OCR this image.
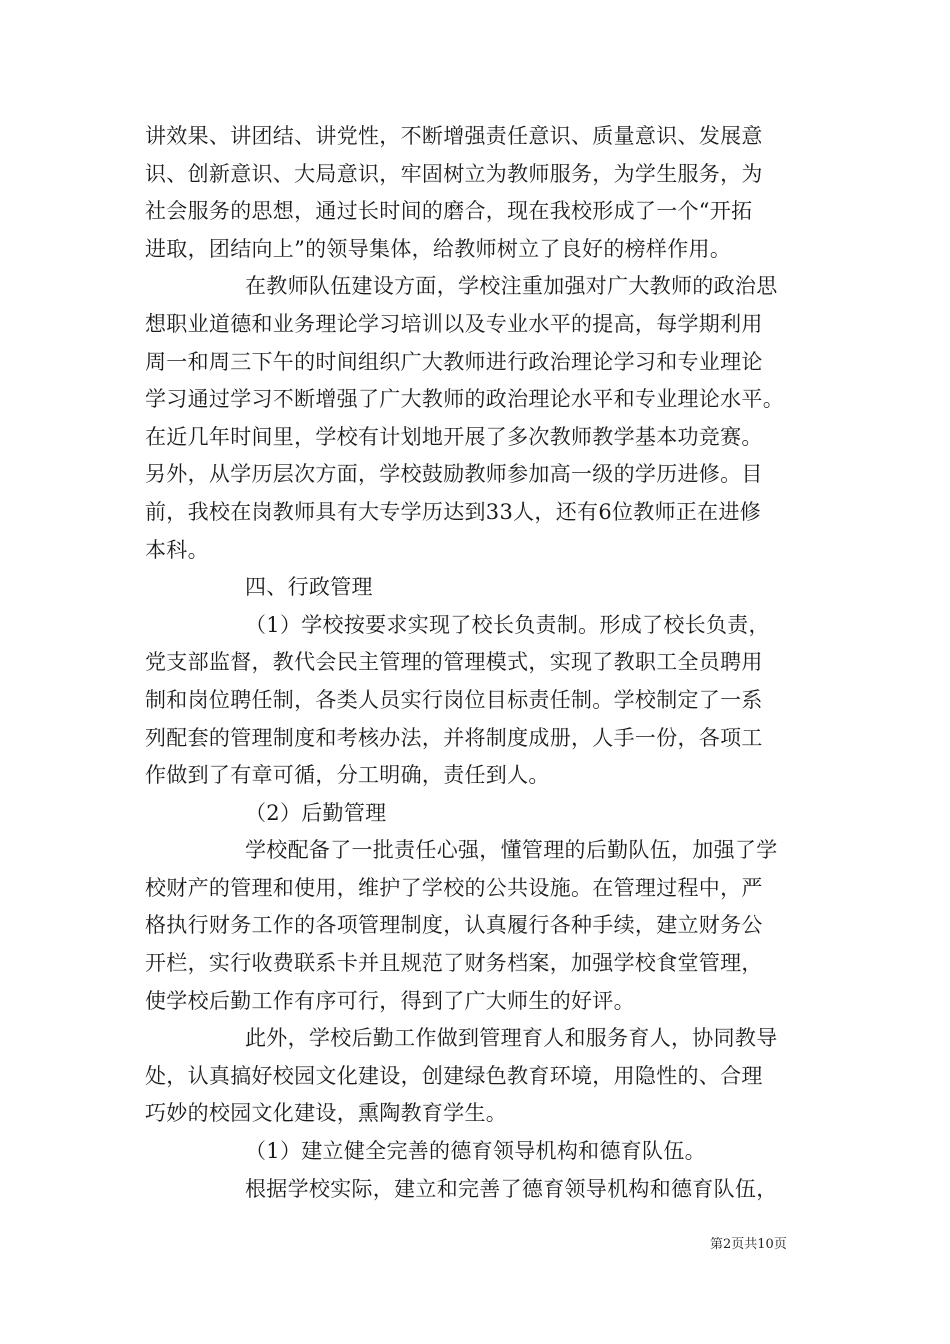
讲效果、讲团结、讲党性，不断增强责任意识、质量意识、发展意
识、创新意识、大局意识，牢固树立为教师服务，为学生服务，为
社会服务的思想，通过长时间的磨合，现在我校形成了一个“开拓
进取，团结向上”的领导集体，给教师树立了良好的榜样作用。
在教师队伍建设方面，学校注重加强对广大教师的政治思
想职业道德和业务理论学习培训以及专业水平的提高，每学期利用
周一和周三下午的时间组织广大教师进行政治理论学习和专业理论
学习通过学习不断增强了广大教师的政治理论水平和专业理论水平。
在近几年时间里，学校有计划地开展了多次教师教学基本功竞赛。
另外，从学历层次方面，学校鼓励教师参加高一级的学历进修。目
前，我校在岗教师具有大专学历达到33人，还有6位教师正在进修
本科。
四、行政管理
（1）学校按要求实现了校长负责制。形成了校长负责，
党支部监督，教代会民主管理的管理模式，实现了教职工全员聘用
制和岗位聘任制，各类人员实行岗位目标责任制。学校制定了一系
列配套的管理制度和考核办法，并将制度成册，人手一份，各项工
作做到了有章可循，分工明确，责任到人。
（2）后勤管理
学校配备了一批责任心强，懂管理的后勤队伍，加强了学
校财产的管理和使用，维护了学校的公共设施。在管理过程中，严
格执行财务工作的各项管理制度，认真履行各种手续，建立财务公
开栏，实行收费联系卡并且规范了财务档案，加强学校食堂管理，
使学校后勤工作有序可行，得到了广大师生的好评。
此外，学校后勤工作做到管理育人和服务育人，协同教导
处，认真搞好校园文化建设，创建绿色教育环境，用隐性的、合理
巧妙的校园文化建设，熏陶教育学生。
（1）建立健全完善的德育领导机构和德育队伍。
根据学校实际，建立和完善了德育领导机构和德育队伍，
第2页共10页
